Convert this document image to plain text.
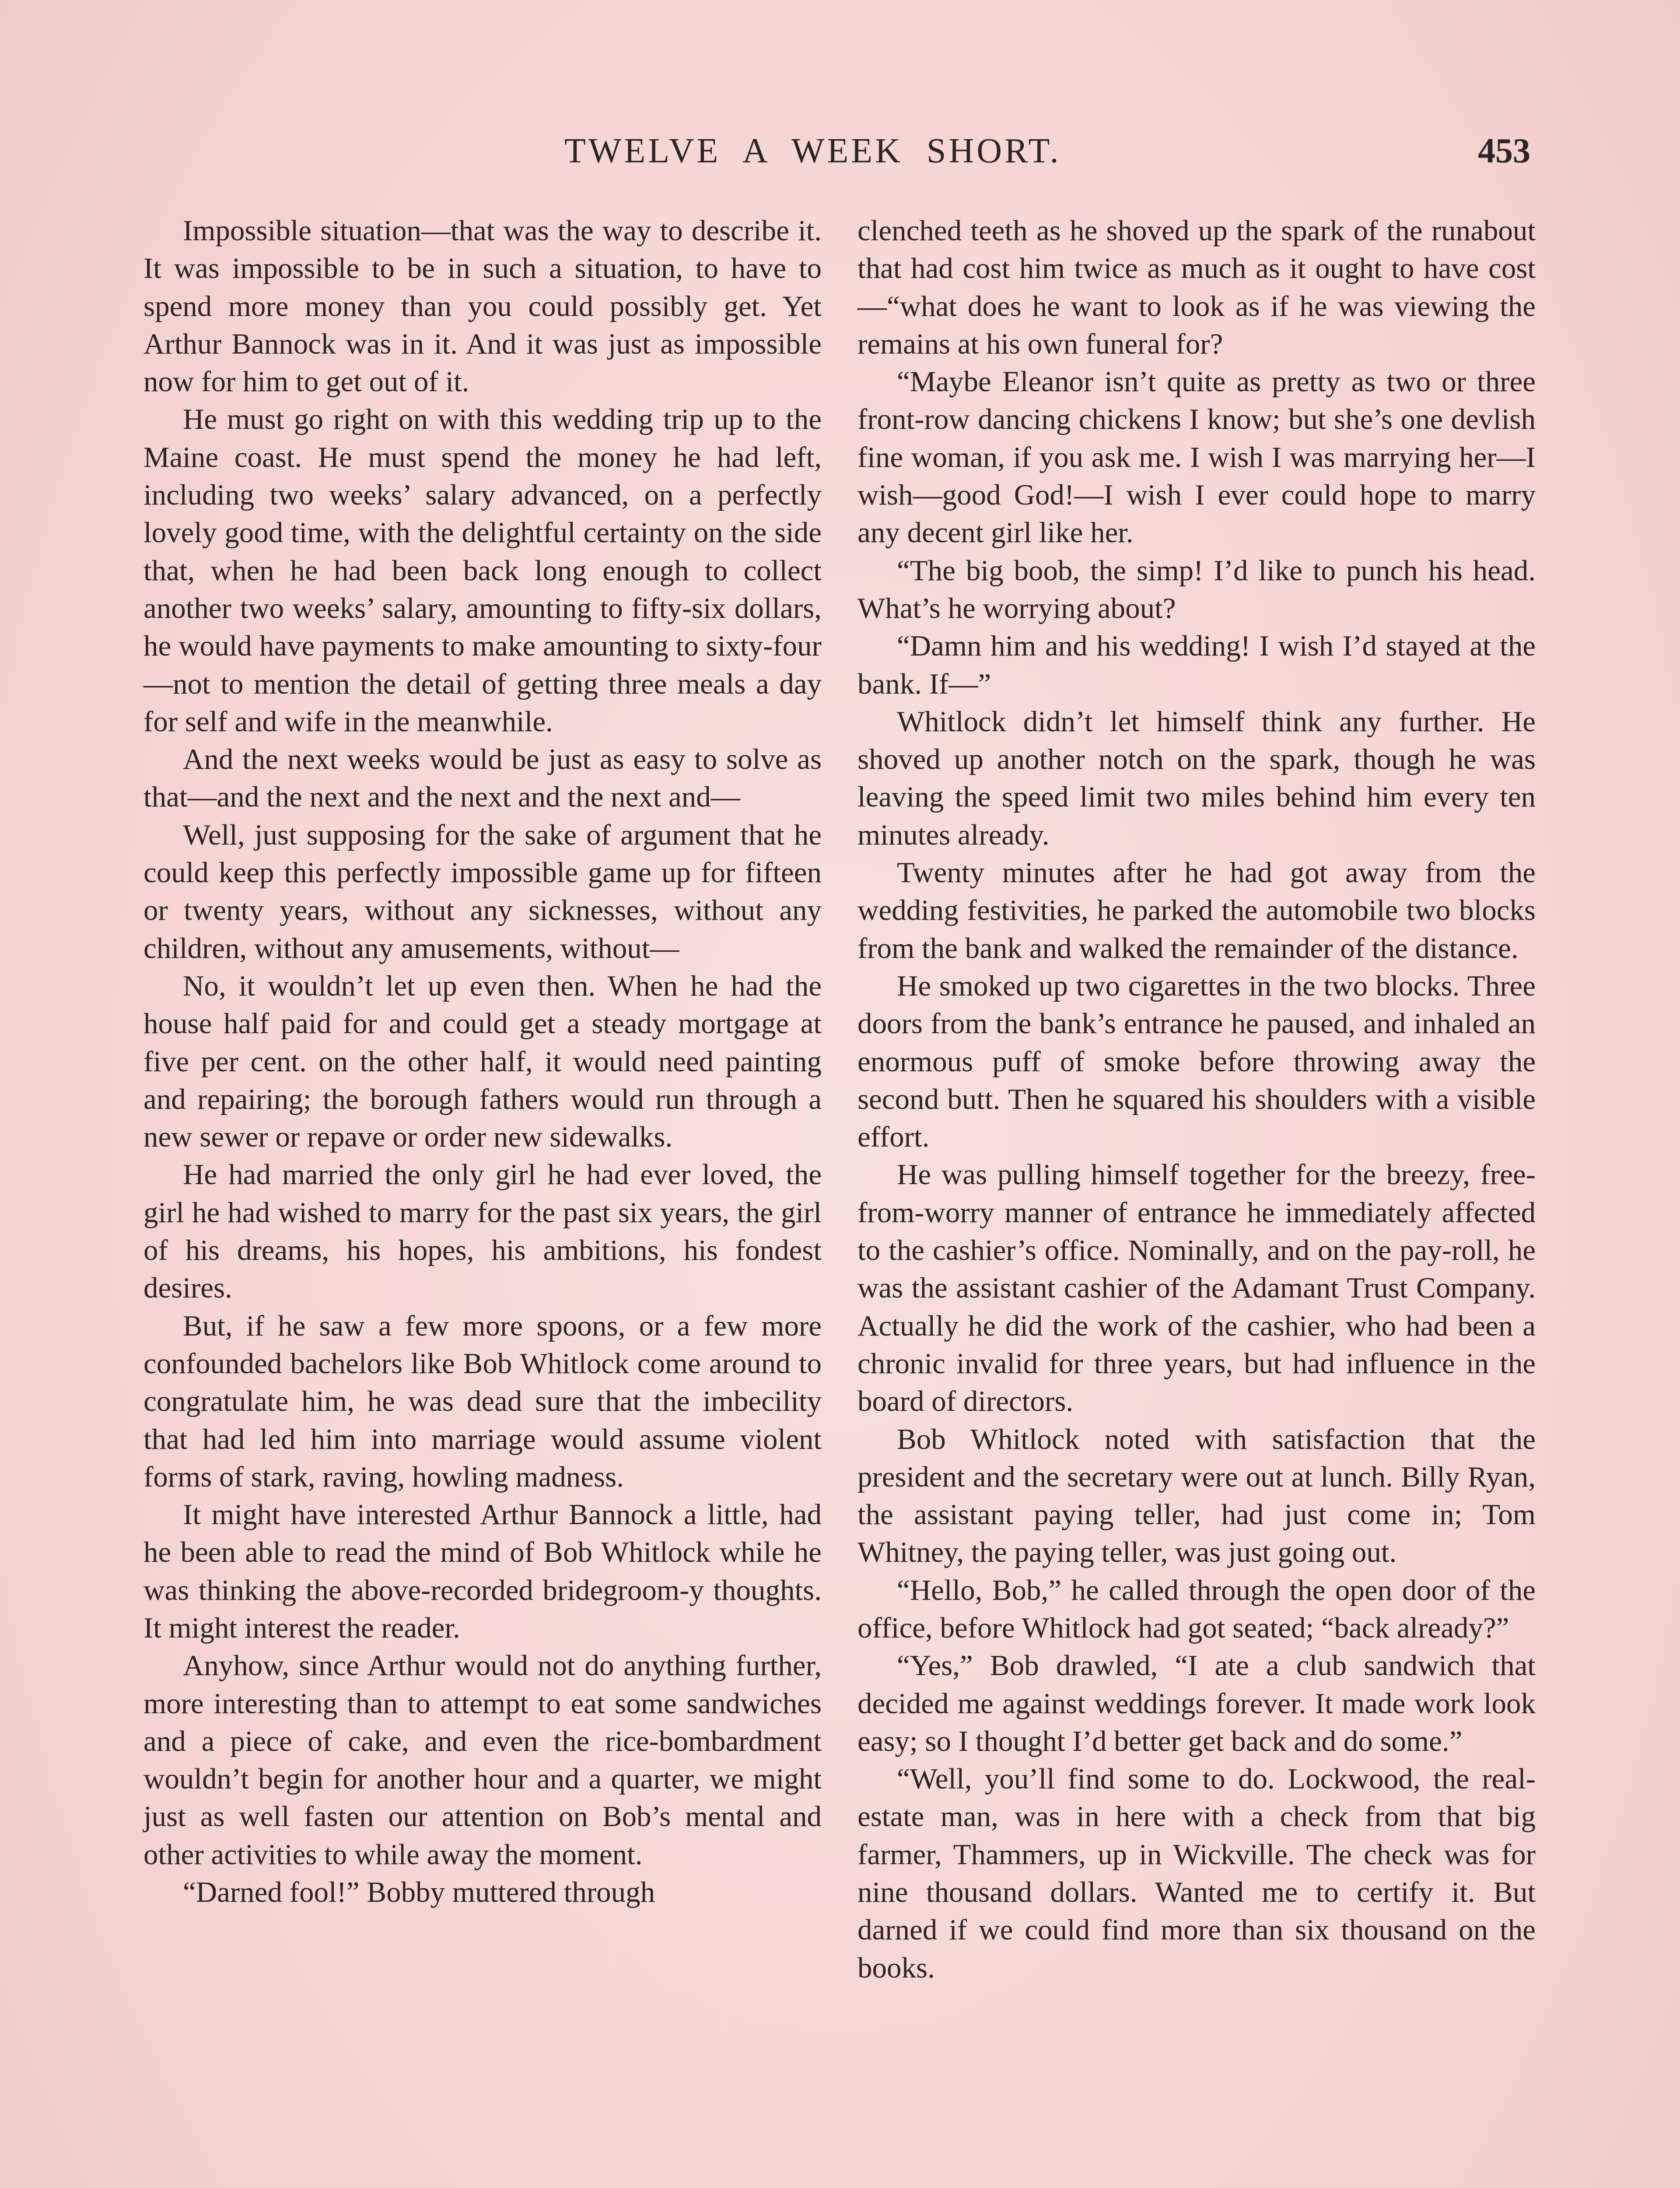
TWELVE A WEEK SHORT.	453

Impossible situation—that was the way to describe it. It was impossible to be in such a situation, to have to spend more money than you could possibly get. Yet Arthur Bannock was in it. And it was just as impossible now for him to get out of it.

He must go right on with this wedding trip up to the Maine coast. He must spend the money he had left, including two weeks’ salary advanced, on a perfectly lovely good time, with the delightful certainty on the side that, when he had been back long enough to collect another two weeks’ salary, amounting to fifty-six dollars, he would have payments to make amounting to sixty-four—not to mention the detail of getting three meals a day for self and wife in the meanwhile.

And the next weeks would be just as easy to solve as that—and the next and the next and the next and—

Well, just supposing for the sake of argument that he could keep this perfectly impossible game up for fifteen or twenty years, without any sicknesses, without any children, without any amusements, without—

No, it wouldn’t let up even then. When he had the house half paid for and could get a steady mortgage at five per cent. on the other half, it would need painting and repairing; the borough fathers would run through a new sewer or repave or order new sidewalks.

He had married the only girl he had ever loved, the girl he had wished to marry for the past six years, the girl of his dreams, his hopes, his ambitions, his fondest desires.

But, if he saw a few more spoons, or a few more confounded bachelors like Bob Whitlock come around to congratulate him, he was dead sure that the imbecility that had led him into marriage would assume violent forms of stark, raving, howling madness.

It might have interested Arthur Bannock a little, had he been able to read the mind of Bob Whitlock while he was thinking the above-recorded bridegroom-y thoughts. It might interest the reader.

Anyhow, since Arthur would not do anything further, more interesting than to attempt to eat some sandwiches and a piece of cake, and even the rice-bombardment wouldn’t begin for another hour and a quarter, we might just as well fasten our attention on Bob’s mental and other activities to while away the moment.

“Darned fool!” Bobby muttered through

clenched teeth as he shoved up the spark of the runabout that had cost him twice as much as it ought to have cost—“what does he want to look as if he was viewing the remains at his own funeral for?

“Maybe Eleanor isn’t quite as pretty as two or three front-row dancing chickens I know; but she’s one devlish fine woman, if you ask me. I wish I was marrying her—I wish—good God!—I wish I ever could hope to marry any decent girl like her.

“The big boob, the simp! I’d like to punch his head. What’s he worrying about?

“Damn him and his wedding! I wish I’d stayed at the bank. If—”

Whitlock didn’t let himself think any further. He shoved up another notch on the spark, though he was leaving the speed limit two miles behind him every ten minutes already.

Twenty minutes after he had got away from the wedding festivities, he parked the automobile two blocks from the bank and walked the remainder of the distance.

He smoked up two cigarettes in the two blocks. Three doors from the bank’s entrance he paused, and inhaled an enormous puff of smoke before throwing away the second butt. Then he squared his shoulders with a visible effort.

He was pulling himself together for the breezy, free-from-worry manner of entrance he immediately affected to the cashier’s office. Nominally, and on the pay-roll, he was the assistant cashier of the Adamant Trust Company. Actually he did the work of the cashier, who had been a chronic invalid for three years, but had influence in the board of directors.

Bob Whitlock noted with satisfaction that the president and the secretary were out at lunch. Billy Ryan, the assistant paying teller, had just come in; Tom Whitney, the paying teller, was just going out.

“Hello, Bob,” he called through the open door of the office, before Whitlock had got seated; “back already?”

“Yes,” Bob drawled, “I ate a club sandwich that decided me against weddings forever. It made work look easy; so I thought I’d better get back and do some.”

“Well, you’ll find some to do. Lockwood, the real-estate man, was in here with a check from that big farmer, Thammers, up in Wickville. The check was for nine thousand dollars. Wanted me to certify it. But darned if we could find more than six thousand on the books.
